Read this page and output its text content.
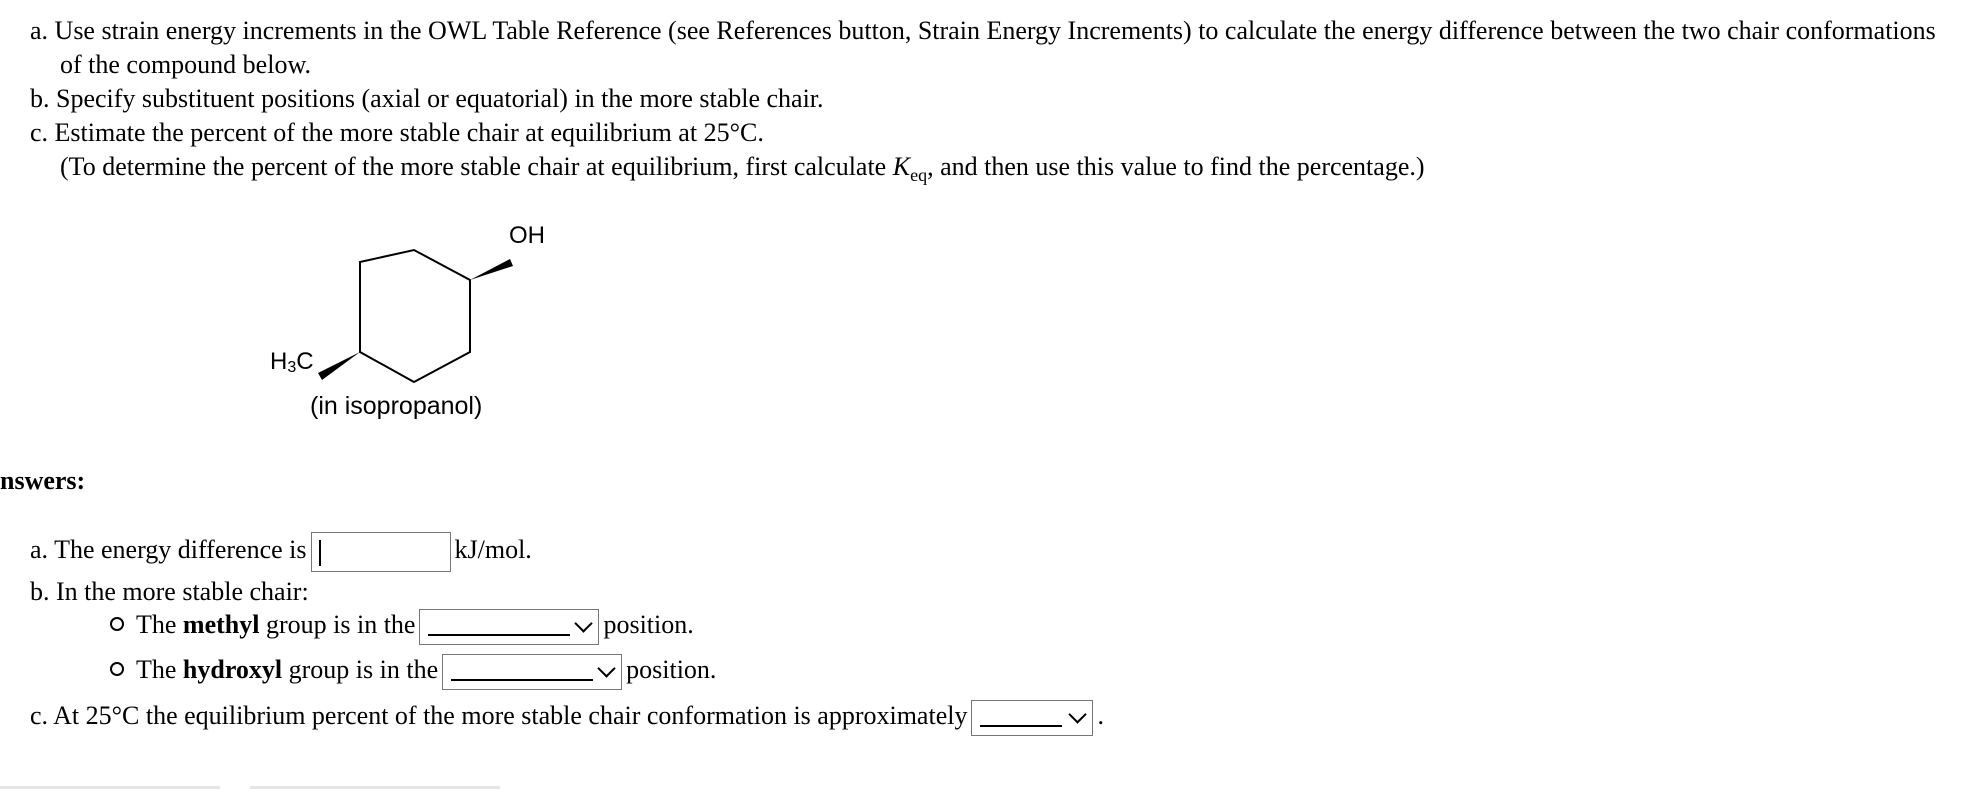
a. Use strain energy increments in the OWL Table Reference (see References button, Strain Energy Increments) to calculate the energy difference between the two chair conformations of the compound below.
b. Specify substituent positions (axial or equatorial) in the more stable chair.
c. Estimate the percent of the more stable chair at equilibrium at 25°C.
(To determine the percent of the more stable chair at equilibrium, first calculate $K_{eq}$, and then use this value to find the percentage.)
OH
$H_3C$
(in isopropanol)
nswers:
a. The energy difference is	kJ/mol.
b. In the more stable chair:
The methyl group is in the	position.
The hydroxyl group is in the	position.
c. At 25°C the equilibrium percent of the more stable chair conformation is approximately	.
